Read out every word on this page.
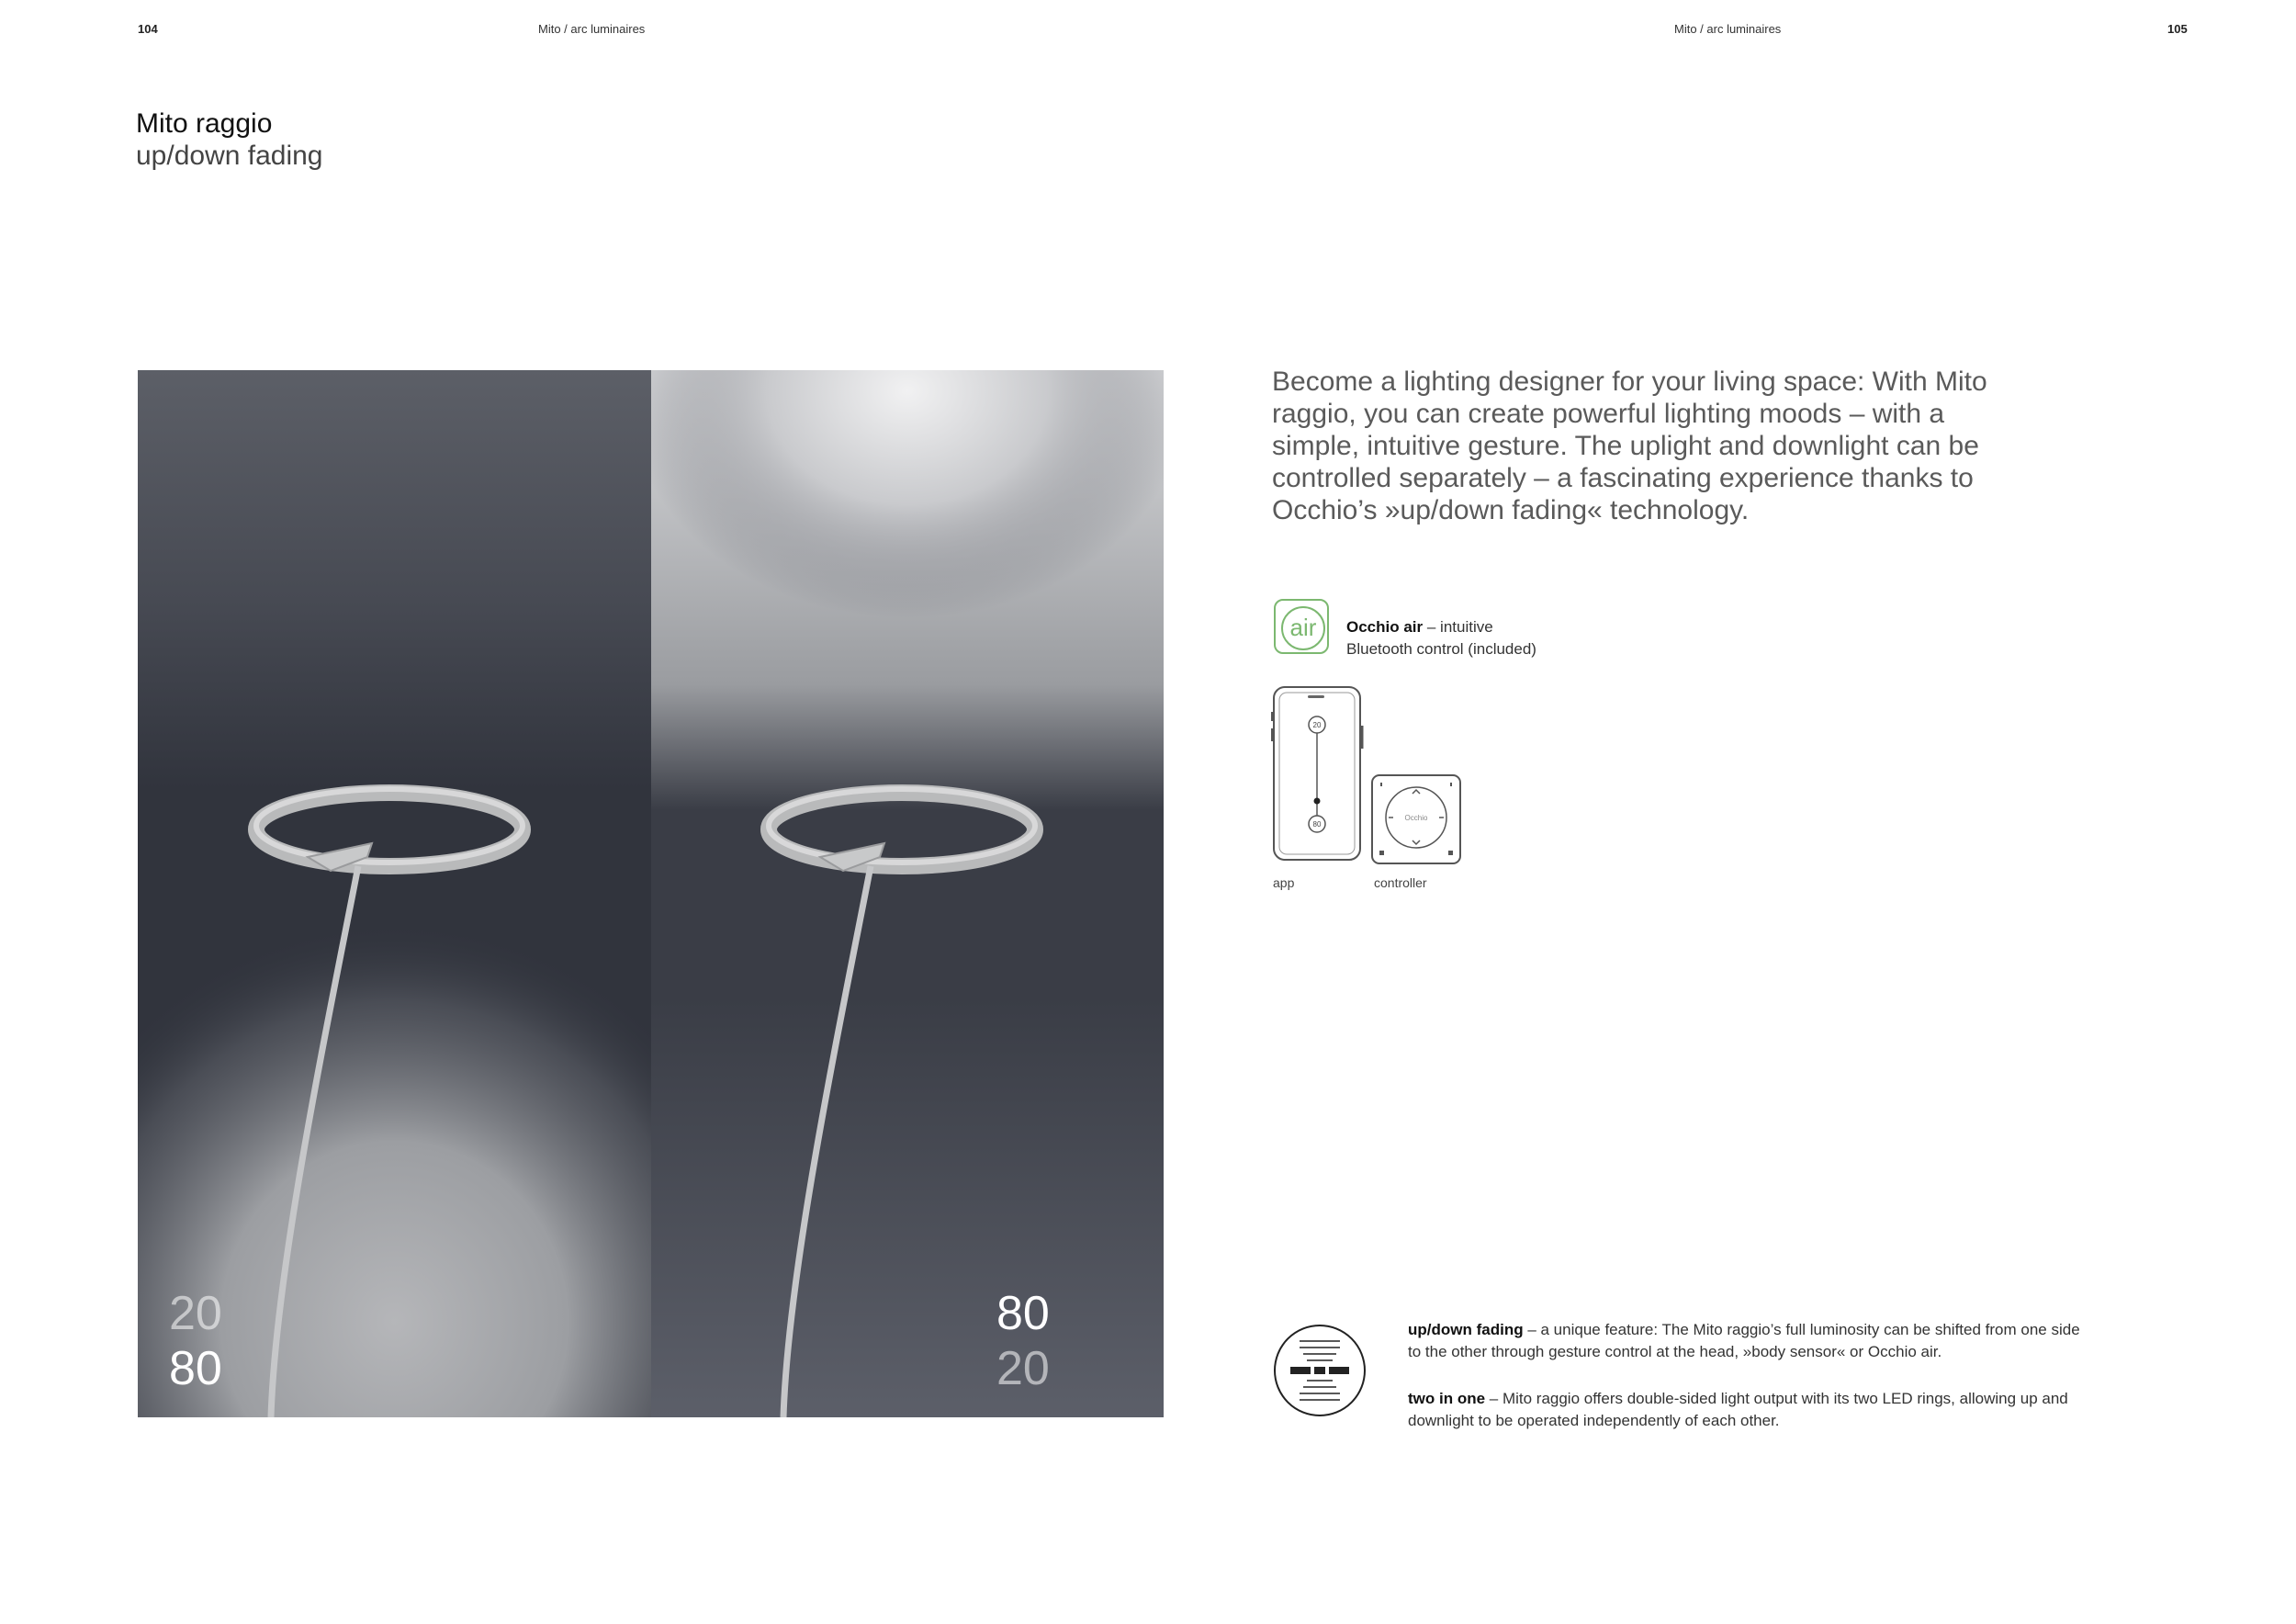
104	Mito / arc luminaires	Mito / arc luminaires	105
Mito raggio
up/down fading
20
80
80
20
Become a lighting designer for your living space: With Mito raggio, you can create powerful lighting moods – with a simple, intuitive gesture. The uplight and downlight can be controlled separately – a fascinating experience thanks to Occhio’s »up/down fading« technology.
air	Occhio air – intuitive
Bluetooth control (included)
20
80
Occhio
app	controller
up/down fading – a unique feature: The Mito raggio’s full luminosity can be shifted from one side to the other through gesture control at the head, »body sensor« or Occhio air.
two in one – Mito raggio offers double-sided light output with its two LED rings, allowing up and downlight to be operated independently of each other.
